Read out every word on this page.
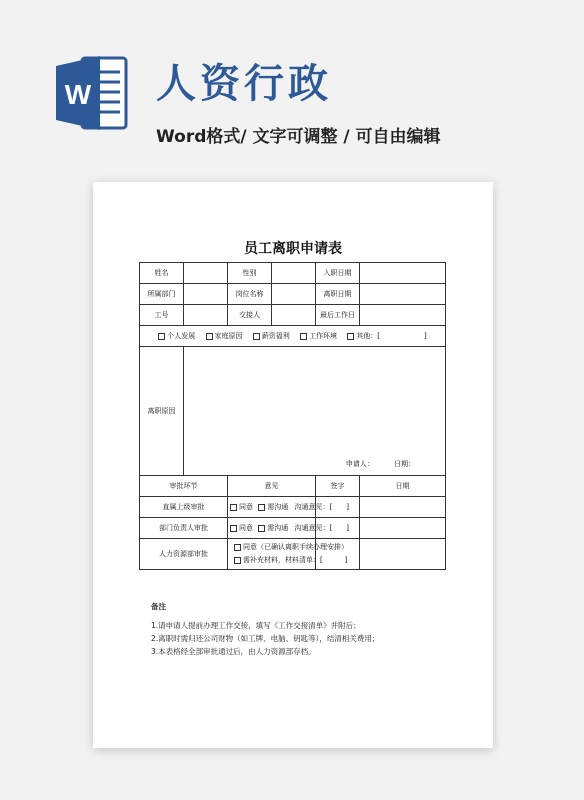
W 人资行政
Word格式/ 文字可调整 / 可自由编辑
员工离职申请表
姓名		性别		入职日期	
所属部门		岗位名称		离职日期	
工号		交接人		最后工作日	
个人发展 家庭原因 薪资福利 工作环境 其他：[ ]					
离职原因	申请人： 日期：				

审批环节		意见		签字	日期
直属上级审批		同意 需沟通 沟通意见：[ ]			
部门负责人审批		同意 需沟通 沟通意见：[ ]			
人力资源部审批		同意（已确认离职手续办理安排）
需补充材料，材料清单：[ ]			

备注
1.请申请人提前办理工作交接，填写《工作交接清单》并附后；
2.离职时需归还公司财物（如工牌、电脑、钥匙等），结清相关费用；
3.本表格经全部审批通过后，由人力资源部存档。
